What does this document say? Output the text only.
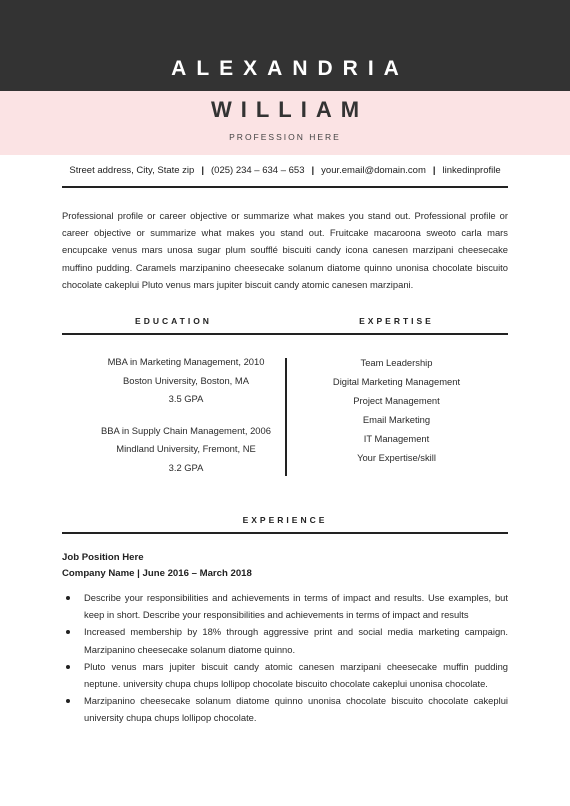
ALEXANDRIA
WILLIAM
PROFESSION HERE
Street address, City, State zip | (025) 234 – 634 – 653 | your.email@domain.com | linkedinprofile

Professional profile or career objective or summarize what makes you stand out. Professional profile or career objective or summarize what makes you stand out. Fruitcake macaroona sweoto carla mars encupcake venus mars unosa sugar plum soufflé biscuiti candy icona canesen marzipani cheesecake muffino pudding. Caramels marzipanino cheesecake solanum diatome quinno unonisa chocolate biscuito chocolate cakeplui Pluto venus mars jupiter biscuit candy atomic canesen marzipani.

EDUCATION	EXPERTISE
MBA in Marketing Management, 2010
Boston University, Boston, MA
3.5 GPA
BBA in Supply Chain Management, 2006
Mindland University, Fremont, NE
3.2 GPA
Team Leadership
Digital Marketing Management
Project Management
Email Marketing
IT Management
Your Expertise/skill
EXPERIENCE
Job Position Here
Company Name | June 2016 – March 2018
Describe your responsibilities and achievements in terms of impact and results. Use examples, but keep in short. Describe your responsibilities and achievements in terms of impact and results
Increased membership by 18% through aggressive print and social media marketing campaign. Marzipanino cheesecake solanum diatome quinno.
Pluto venus mars jupiter biscuit candy atomic canesen marzipani cheesecake muffin pudding neptune. university chupa chups lollipop chocolate biscuito chocolate cakeplui unonisa chocolate.
Marzipanino cheesecake solanum diatome quinno unonisa chocolate biscuito chocolate cakeplui university chupa chups lollipop chocolate.
